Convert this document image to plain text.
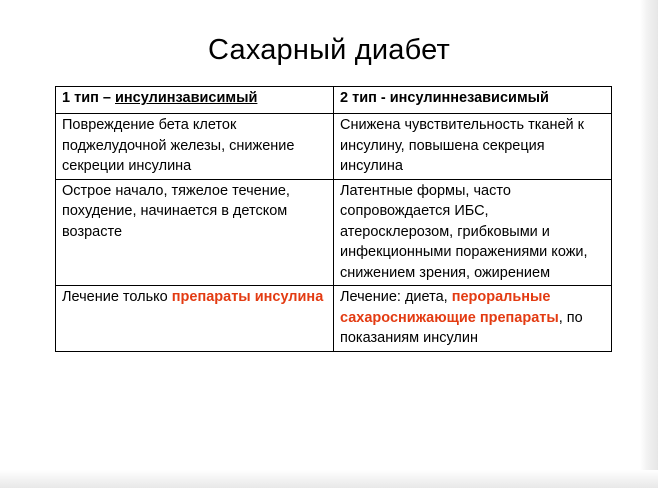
Сахарный диабет
1 тип – инсулинзависимый	2 тип - инсулиннезависимый
Повреждение бета клеток поджелудочной железы, снижение секреции инсулина	Снижена чувствительность тканей к инсулину, повышена секреция инсулина
Острое начало, тяжелое течение, похудение, начинается в детском возрасте	Латентные формы, часто сопровождается ИБС, атеросклерозом, грибковыми и инфекционными поражениями кожи, снижением зрения, ожирением
Лечение только препараты инсулина	Лечение: диета, пероральные сахароснижающие препараты, по показаниям инсулин
